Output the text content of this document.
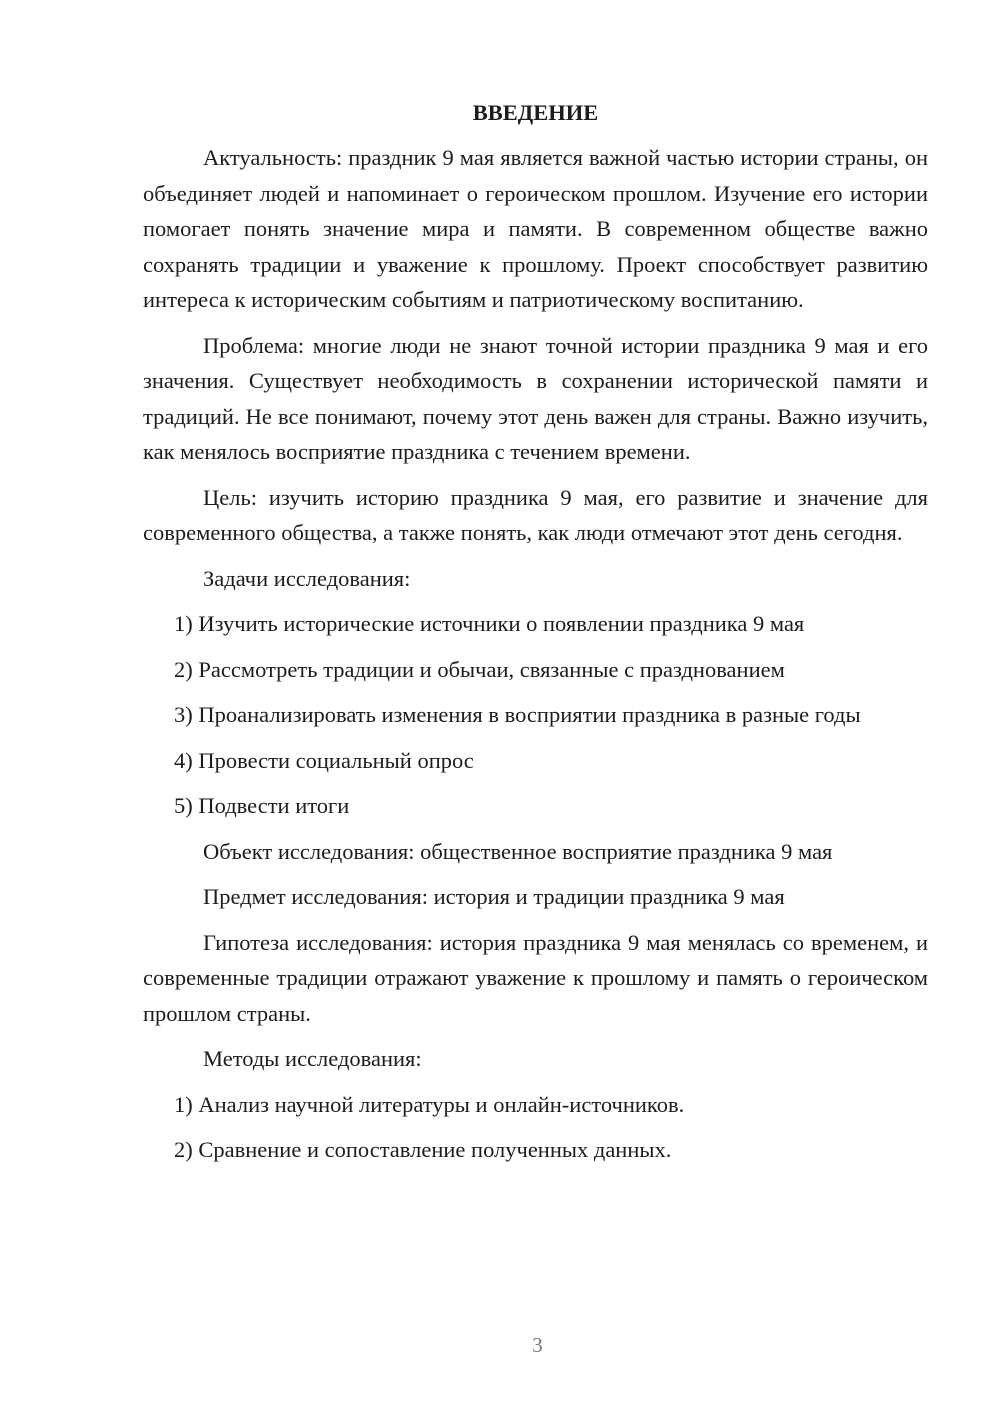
ВВЕДЕНИЕ

Актуальность: праздник 9 мая является важной частью истории страны, он объединяет людей и напоминает о героическом прошлом. Изучение его истории помогает понять значение мира и памяти. В современном обществе важно сохранять традиции и уважение к прошлому. Проект способствует развитию интереса к историческим событиям и патриотическому воспитанию.

Проблема: многие люди не знают точной истории праздника 9 мая и его значения. Существует необходимость в сохранении исторической памяти и традиций. Не все понимают, почему этот день важен для страны. Важно изучить, как менялось восприятие праздника с течением времени.

Цель: изучить историю праздника 9 мая, его развитие и значение для современного общества, а также понять, как люди отмечают этот день сегодня.

Задачи исследования:

1) Изучить исторические источники о появлении праздника 9 мая

2) Рассмотреть традиции и обычаи, связанные с празднованием

3) Проанализировать изменения в восприятии праздника в разные годы

4) Провести социальный опрос

5) Подвести итоги

Объект исследования: общественное восприятие праздника 9 мая

Предмет исследования: история и традиции праздника 9 мая

Гипотеза исследования: история праздника 9 мая менялась со временем, и современные традиции отражают уважение к прошлому и память о героическом прошлом страны.

Методы исследования:

1) Анализ научной литературы и онлайн-источников.

2) Сравнение и сопоставление полученных данных.

3
